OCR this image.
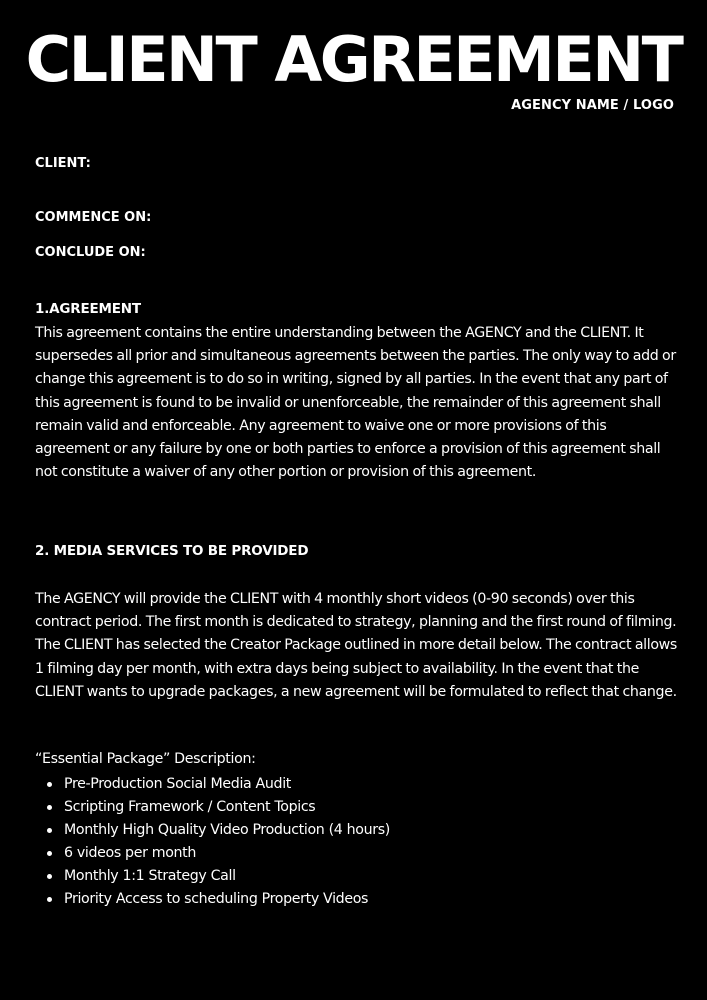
CLIENT AGREEMENT
AGENCY NAME / LOGO
CLIENT:
COMMENCE ON:
CONCLUDE ON:
1.AGREEMENT

This agreement contains the entire understanding between the AGENCY and the CLIENT. It supersedes all prior and simultaneous agreements between the parties. The only way to add or change this agreement is to do so in writing, signed by all parties. In the event that any part of this agreement is found to be invalid or unenforceable, the remainder of this agreement shall remain valid and enforceable. Any agreement to waive one or more provisions of this agreement or any failure by one or both parties to enforce a provision of this agreement shall not constitute a waiver of any other portion or provision of this agreement.

2. MEDIA SERVICES TO BE PROVIDED

The AGENCY will provide the CLIENT with 4 monthly short videos (0-90 seconds) over this contract period. The first month is dedicated to strategy, planning and the first round of filming. The CLIENT has selected the Creator Package outlined in more detail below. The contract allows 1 filming day per month, with extra days being subject to availability. In the event that the CLIENT wants to upgrade packages, a new agreement will be formulated to reflect that change.

“Essential Package” Description:
Pre-Production Social Media Audit
Scripting Framework / Content Topics
Monthly High Quality Video Production (4 hours)
6 videos per month
Monthly 1:1 Strategy Call
Priority Access to scheduling Property Videos
